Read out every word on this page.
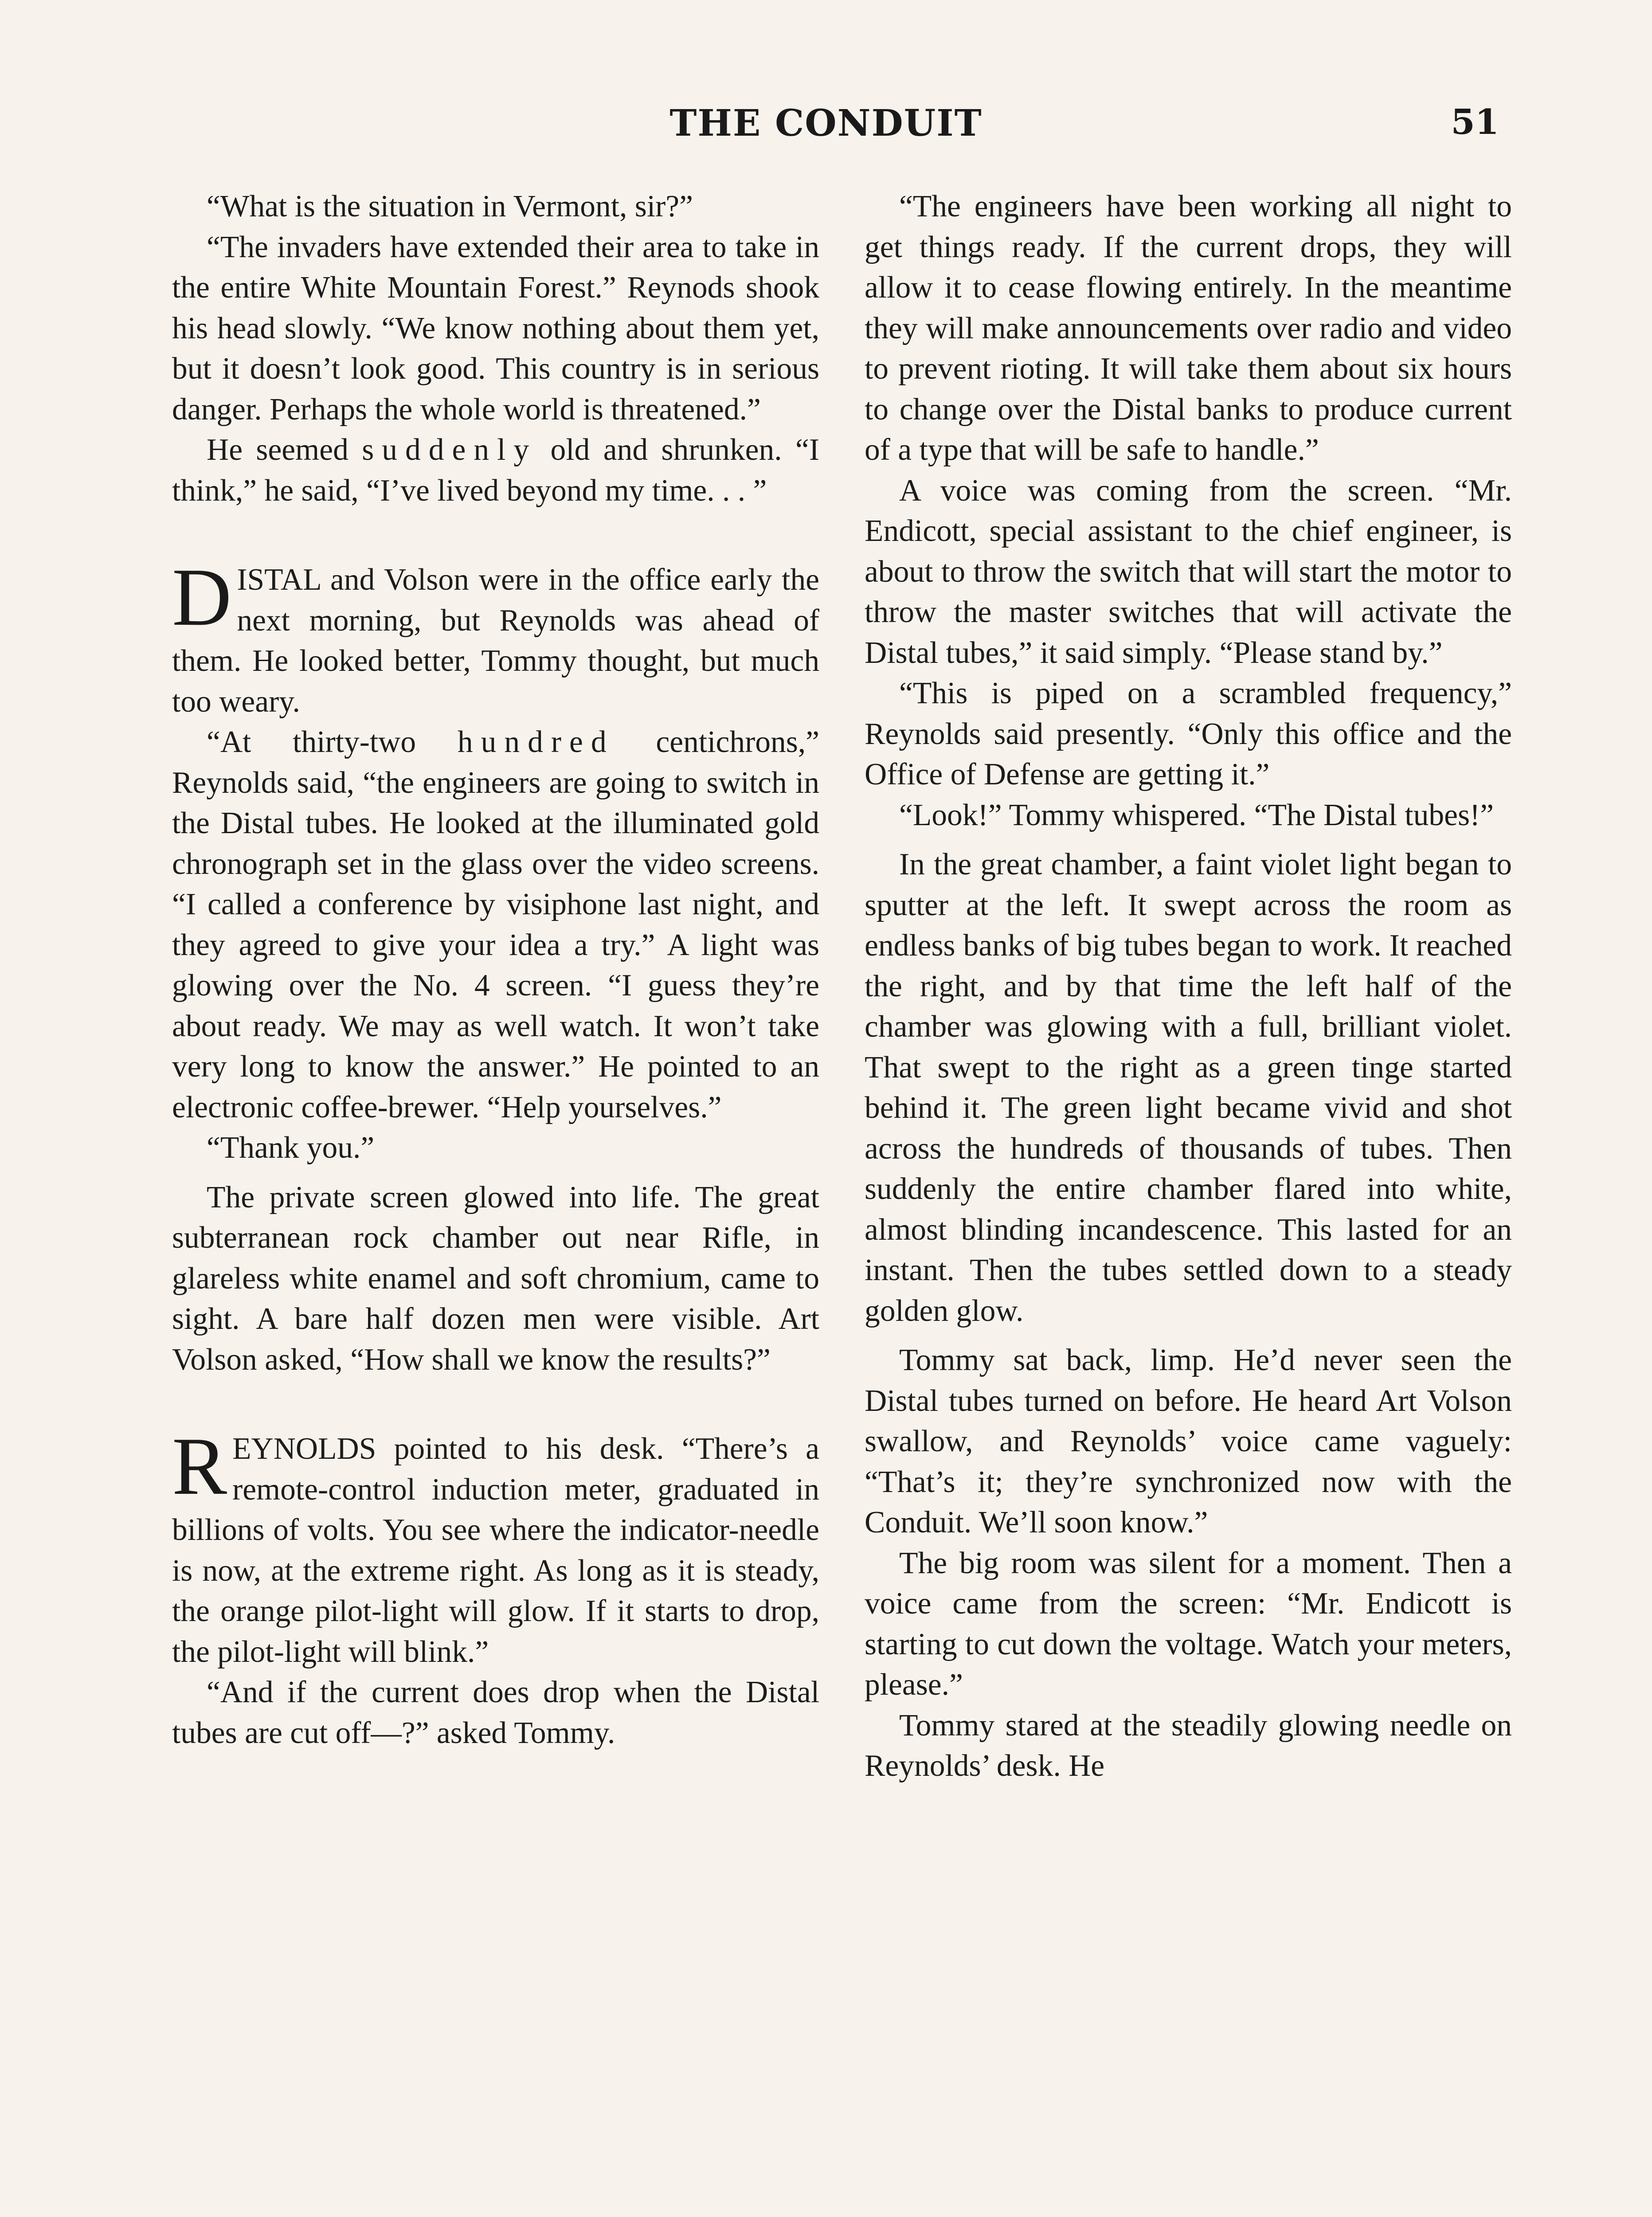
THE CONDUIT	51

“What is the situation in Vermont, sir?”

“The invaders have extended their area to take in the entire White Mountain Forest.” Reynods shook his head slowly. “We know nothing about them yet, but it doesn’t look good. This country is in serious danger. Perhaps the whole world is threatened.”

He seemed suddenly old and shrunken. “I think,” he said, “I’ve lived beyond my time. . . ”

DISTAL and Volson were in the office early the next morning, but Reynolds was ahead of them. He looked better, Tommy thought, but much too weary.

“At thirty-two hundred centichrons,” Reynolds said, “the engineers are going to switch in the Distal tubes. He looked at the illuminated gold chronograph set in the glass over the video screens. “I called a conference by visiphone last night, and they agreed to give your idea a try.” A light was glowing over the No. 4 screen. “I guess they’re about ready. We may as well watch. It won’t take very long to know the answer.” He pointed to an electronic coffee-brewer. “Help yourselves.”

“Thank you.”

The private screen glowed into life. The great subterranean rock chamber out near Rifle, in glareless white enamel and soft chromium, came to sight. A bare half dozen men were visible. Art Volson asked, “How shall we know the results?”

REYNOLDS pointed to his desk. “There’s a remote-control induction meter, graduated in billions of volts. You see where the indicator-needle is now, at the extreme right. As long as it is steady, the orange pilot-light will glow. If it starts to drop, the pilot-light will blink.”

“And if the current does drop when the Distal tubes are cut off—?” asked Tommy.

“The engineers have been working all night to get things ready. If the current drops, they will allow it to cease flowing entirely. In the meantime they will make announcements over radio and video to prevent rioting. It will take them about six hours to change over the Distal banks to produce current of a type that will be safe to handle.”

A voice was coming from the screen. “Mr. Endicott, special assistant to the chief engineer, is about to throw the switch that will start the motor to throw the master switches that will activate the Distal tubes,” it said simply. “Please stand by.”

“This is piped on a scrambled frequency,” Reynolds said presently. “Only this office and the Office of Defense are getting it.”

“Look!” Tommy whispered. “The Distal tubes!”

In the great chamber, a faint violet light began to sputter at the left. It swept across the room as endless banks of big tubes began to work. It reached the right, and by that time the left half of the chamber was glowing with a full, brilliant violet. That swept to the right as a green tinge started behind it. The green light became vivid and shot across the hundreds of thousands of tubes. Then suddenly the entire chamber flared into white, almost blinding incandescence. This lasted for an instant. Then the tubes settled down to a steady golden glow.

Tommy sat back, limp. He’d never seen the Distal tubes turned on before. He heard Art Volson swallow, and Reynolds’ voice came vaguely: “That’s it; they’re synchronized now with the Conduit. We’ll soon know.”

The big room was silent for a moment. Then a voice came from the screen: “Mr. Endicott is starting to cut down the voltage. Watch your meters, please.”

Tommy stared at the steadily glowing needle on Reynolds’ desk. He
